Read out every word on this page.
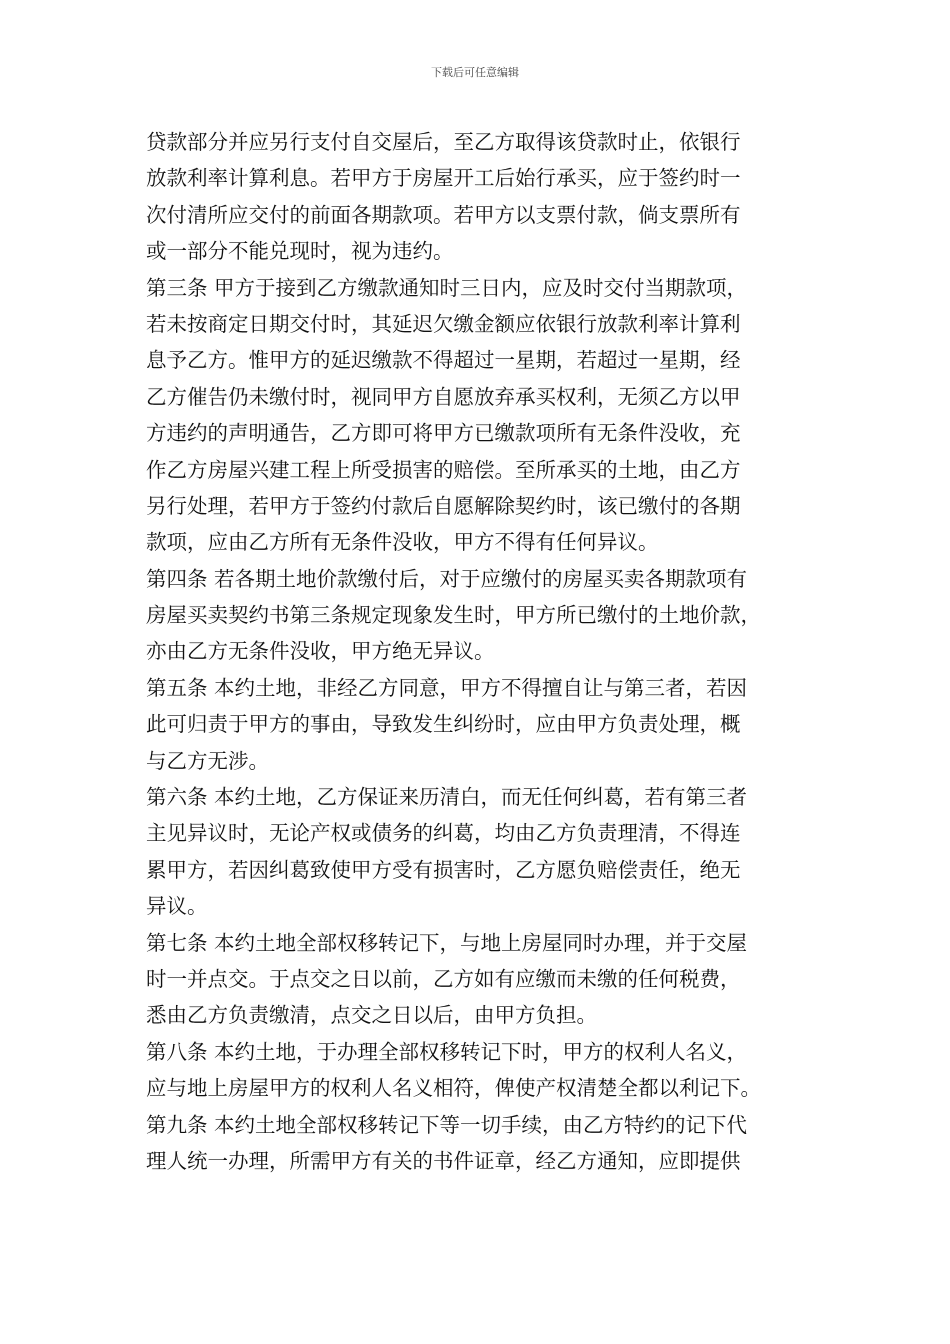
下载后可任意编辑
贷款部分并应另行支付自交屋后，至乙方取得该贷款时止，依银行
放款利率计算利息。若甲方于房屋开工后始行承买，应于签约时一
次付清所应交付的前面各期款项。若甲方以支票付款，倘支票所有
或一部分不能兑现时，视为违约。
第三条 甲方于接到乙方缴款通知时三日内，应及时交付当期款项，
若未按商定日期交付时，其延迟欠缴金额应依银行放款利率计算利
息予乙方。惟甲方的延迟缴款不得超过一星期，若超过一星期，经
乙方催告仍未缴付时，视同甲方自愿放弃承买权利，无须乙方以甲
方违约的声明通告，乙方即可将甲方已缴款项所有无条件没收，充
作乙方房屋兴建工程上所受损害的赔偿。至所承买的土地，由乙方
另行处理，若甲方于签约付款后自愿解除契约时，该已缴付的各期
款项，应由乙方所有无条件没收，甲方不得有任何异议。
第四条 若各期土地价款缴付后，对于应缴付的房屋买卖各期款项有
房屋买卖契约书第三条规定现象发生时，甲方所已缴付的土地价款，
亦由乙方无条件没收，甲方绝无异议。
第五条 本约土地，非经乙方同意，甲方不得擅自让与第三者，若因
此可归责于甲方的事由，导致发生纠纷时，应由甲方负责处理，概
与乙方无涉。
第六条 本约土地，乙方保证来历清白，而无任何纠葛，若有第三者
主见异议时，无论产权或债务的纠葛，均由乙方负责理清，不得连
累甲方，若因纠葛致使甲方受有损害时，乙方愿负赔偿责任，绝无
异议。
第七条 本约土地全部权移转记下，与地上房屋同时办理，并于交屋
时一并点交。于点交之日以前，乙方如有应缴而未缴的任何税费，
悉由乙方负责缴清，点交之日以后，由甲方负担。
第八条 本约土地，于办理全部权移转记下时，甲方的权利人名义，
应与地上房屋甲方的权利人名义相符，俾使产权清楚全都以利记下。
第九条 本约土地全部权移转记下等一切手续，由乙方特约的记下代
理人统一办理，所需甲方有关的书件证章，经乙方通知，应即提供
